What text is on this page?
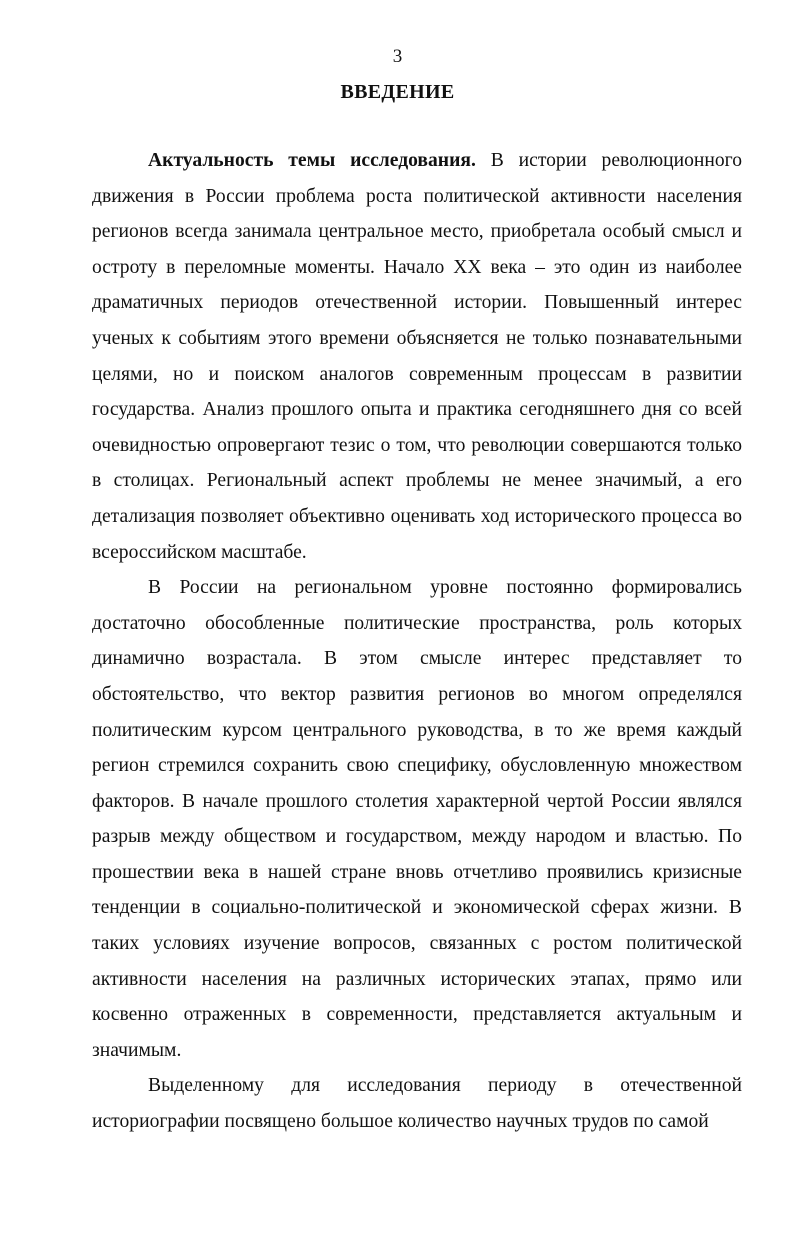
3
ВВЕДЕНИЕ

Актуальность темы исследования. В истории революционного движения в России проблема роста политической активности населения регионов всегда занимала центральное место, приобретала особый смысл и остроту в переломные моменты. Начало XX века – это один из наиболее драматичных периодов отечественной истории. Повышенный интерес ученых к событиям этого времени объясняется не только познавательными целями, но и поиском аналогов современным процессам в развитии государства. Анализ прошлого опыта и практика сегодняшнего дня со всей очевидностью опровергают тезис о том, что революции совершаются только в столицах. Региональный аспект проблемы не менее значимый, а его детализация позволяет объективно оценивать ход исторического процесса во всероссийском масштабе.

В России на региональном уровне постоянно формировались достаточно обособленные политические пространства, роль которых динамично возрастала. В этом смысле интерес представляет то обстоятельство, что вектор развития регионов во многом определялся политическим курсом центрального руководства, в то же время каждый регион стремился сохранить свою специфику, обусловленную множеством факторов. В начале прошлого столетия характерной чертой России являлся разрыв между обществом и государством, между народом и властью. По прошествии века в нашей стране вновь отчетливо проявились кризисные тенденции в социально-политической и экономической сферах жизни. В таких условиях изучение вопросов, связанных с ростом политической активности населения на различных исторических этапах, прямо или косвенно отраженных в современности, представляется актуальным и значимым.

Выделенному для исследования периоду в отечественной историографии посвящено большое количество научных трудов по самой
